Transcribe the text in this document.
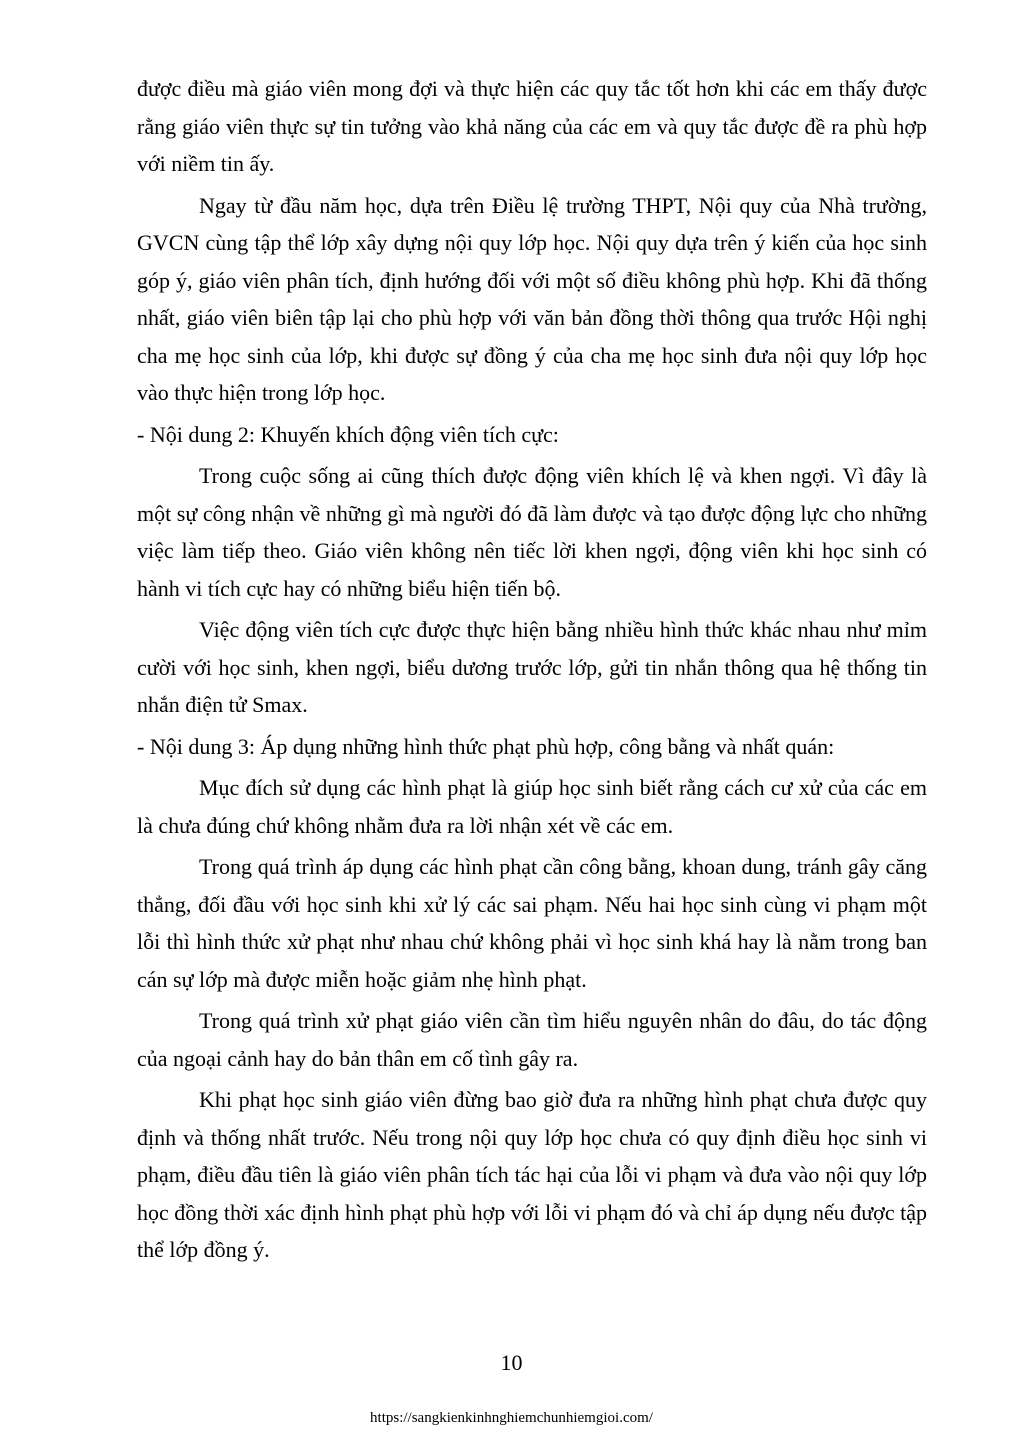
được điều mà giáo viên mong đợi và thực hiện các quy tắc tốt hơn khi các em thấy được rằng giáo viên thực sự tin tưởng vào khả năng của các em và quy tắc được đề ra phù hợp với niềm tin ấy.

Ngay từ đầu năm học, dựa trên Điều lệ trường THPT, Nội quy của Nhà trường, GVCN cùng tập thể lớp xây dựng nội quy lớp học. Nội quy dựa trên ý kiến của học sinh góp ý, giáo viên phân tích, định hướng đối với một số điều không phù hợp. Khi đã thống nhất, giáo viên biên tập lại cho phù hợp với văn bản đồng thời thông qua trước Hội nghị cha mẹ học sinh của lớp, khi được sự đồng ý của cha mẹ học sinh đưa nội quy lớp học vào thực hiện trong lớp học.

- Nội dung 2: Khuyến khích động viên tích cực:

Trong cuộc sống ai cũng thích được động viên khích lệ và khen ngợi. Vì đây là một sự công nhận về những gì mà người đó đã làm được và tạo được động lực cho những việc làm tiếp theo. Giáo viên không nên tiếc lời khen ngợi, động viên khi học sinh có hành vi tích cực hay có những biểu hiện tiến bộ.

Việc động viên tích cực được thực hiện bằng nhiều hình thức khác nhau như mỉm cười với học sinh, khen ngợi, biểu dương trước lớp, gửi tin nhắn thông qua hệ thống tin nhắn điện tử Smax.

- Nội dung 3: Áp dụng những hình thức phạt phù hợp, công bằng và nhất quán:

Mục đích sử dụng các hình phạt là giúp học sinh biết rằng cách cư xử của các em là chưa đúng chứ không nhằm đưa ra lời nhận xét về các em.

Trong quá trình áp dụng các hình phạt cần công bằng, khoan dung, tránh gây căng thẳng, đối đầu với học sinh khi xử lý các sai phạm. Nếu hai học sinh cùng vi phạm một lỗi thì hình thức xử phạt như nhau chứ không phải vì học sinh khá hay là nằm trong ban cán sự lớp mà được miễn hoặc giảm nhẹ hình phạt.

Trong quá trình xử phạt giáo viên cần tìm hiểu nguyên nhân do đâu, do tác động của ngoại cảnh hay do bản thân em cố tình gây ra.

Khi phạt học sinh giáo viên đừng bao giờ đưa ra những hình phạt chưa được quy định và thống nhất trước. Nếu trong nội quy lớp học chưa có quy định điều học sinh vi phạm, điều đầu tiên là giáo viên phân tích tác hại của lỗi vi phạm và đưa vào nội quy lớp học đồng thời xác định hình phạt phù hợp với lỗi vi phạm đó và chỉ áp dụng nếu được tập thể lớp đồng ý.

10
https://sangkienkinhnghiemchunhiemgioi.com/
